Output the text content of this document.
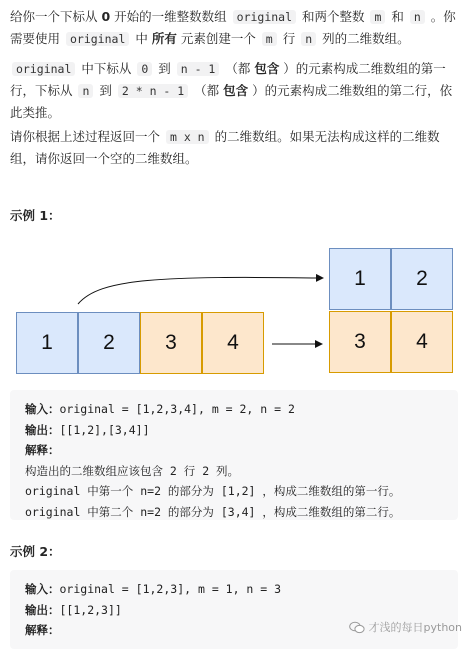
给你一个下标从 0 开始的一维整数数组 original 和两个整数 m 和 n 。你需要使用 original 中 所有 元素创建一个 m 行 n 列的二维数组。
original 中下标从 0 到 n - 1 （都 包含 ）的元素构成二维数组的第一行，下标从 n 到 2 * n - 1 （都 包含 ）的元素构成二维数组的第二行，依此类推。
请你根据上述过程返回一个 m x n 的二维数组。如果无法构成这样的二维数组，请你返回一个空的二维数组。
示例 1：
1	2	3	4
1	2
3	4
输入：original = [1,2,3,4], m = 2, n = 2
输出：[[1,2],[3,4]]
解释：
构造出的二维数组应该包含 2 行 2 列。
original 中第一个 n=2 的部分为 [1,2] ，构成二维数组的第一行。
original 中第二个 n=2 的部分为 [3,4] ，构成二维数组的第二行。
示例 2：
输入：original = [1,2,3], m = 1, n = 3
输出：[[1,2,3]]
解释：	才浅的每日python
